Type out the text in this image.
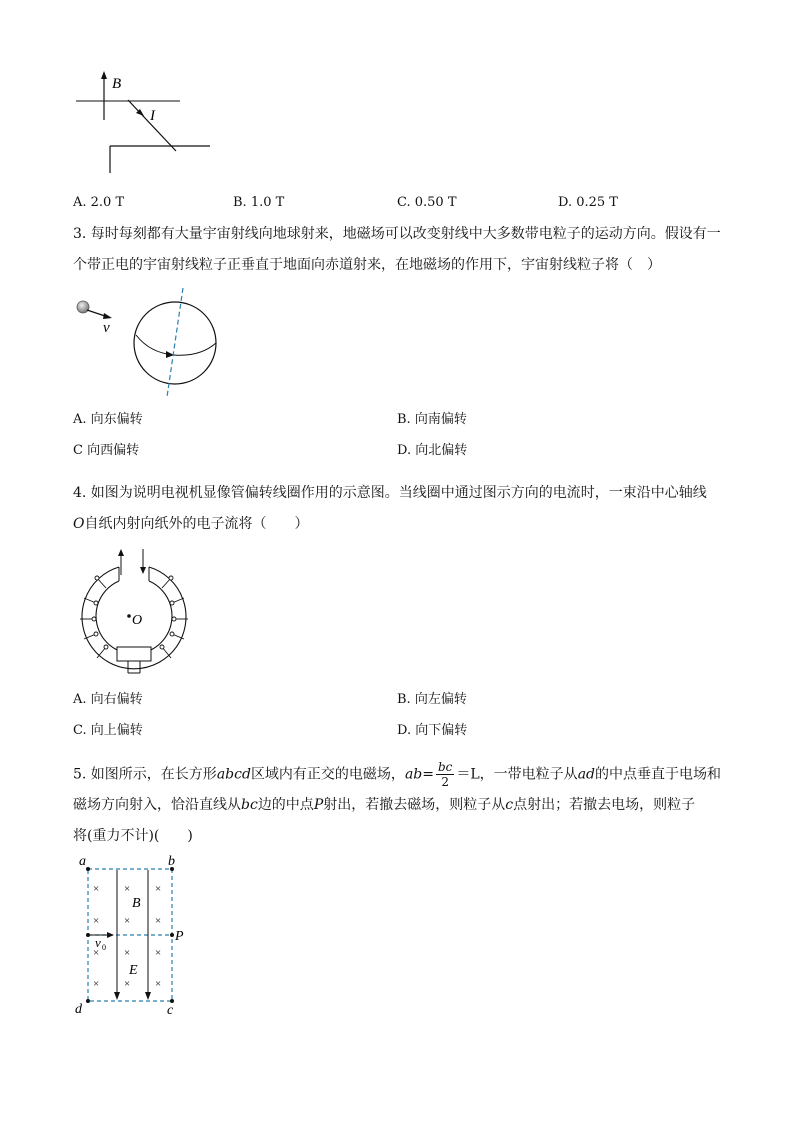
B
I
A. 2.0 T	B. 1.0 T	C. 0.50 T	D. 0.25 T
3. 每时每刻都有大量宇宙射线向地球射来，地磁场可以改变射线中大多数带电粒子的运动方向。假设有一
个带正电的宇宙射线粒子正垂直于地面向赤道射来，在地磁场的作用下，宇宙射线粒子将（　）
v
A. 向东偏转	B. 向南偏转
C 向西偏转	D. 向北偏转
4. 如图为说明电视机显像管偏转线圈作用的示意图。当线圈中通过图示方向的电流时，一束沿中心轴线
O自纸内射向纸外的电子流将（　　）
O
A. 向右偏转	B. 向左偏转
C. 向上偏转	D. 向下偏转
5. 如图所示，在长方形abcd区域内有正交的电磁场，$ab= \frac{bc}{2} =L$，一带电粒子从ad的中点垂直于电场和
磁场方向射入，恰沿直线从bc边的中点P射出，若撤去磁场，则粒子从c点射出；若撤去电场，则粒子
将(重力不计)(　　)
× × ×
× × ×
× × ×
× × ×
a	b
d	c
P
B
E
v 0
